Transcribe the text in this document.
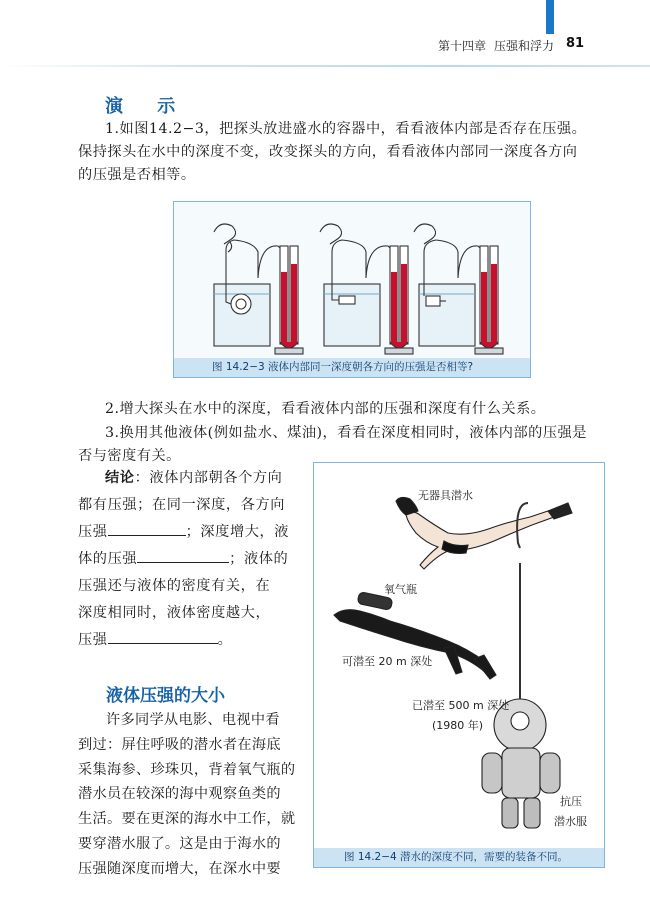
第十四章 压强和浮力 81
演 示
1.如图14.2−3，把探头放进盛水的容器中，看看液体内部是否存在压强。
保持探头在水中的深度不变，改变探头的方向，看看液体内部同一深度各方向
的压强是否相等。
图 14.2−3 液体内部同一深度朝各方向的压强是否相等?
2.增大探头在水中的深度，看看液体内部的压强和深度有什么关系。
3.换用其他液体(例如盐水、煤油)，看看在深度相同时，液体内部的压强是
否与密度有关。
结论：液体内部朝各个方向
都有压强；在同一深度，各方向
压强	；深度增大，液
体的压强	；液体的
压强还与液体的密度有关，在
深度相同时，液体密度越大，
压强	。
无器具潜水
氧气瓶
可潜至 20 m 深处
已潜至 500 m 深处
(1980 年)
抗压
潜水服
图 14.2−4 潜水的深度不同，需要的装备不同。
液体压强的大小
许多同学从电影、电视中看
到过：屏住呼吸的潜水者在海底
采集海参、珍珠贝，背着氧气瓶的
潜水员在较深的海中观察鱼类的
生活。要在更深的海水中工作，就
要穿潜水服了。这是由于海水的
压强随深度而增大，在深水中要
